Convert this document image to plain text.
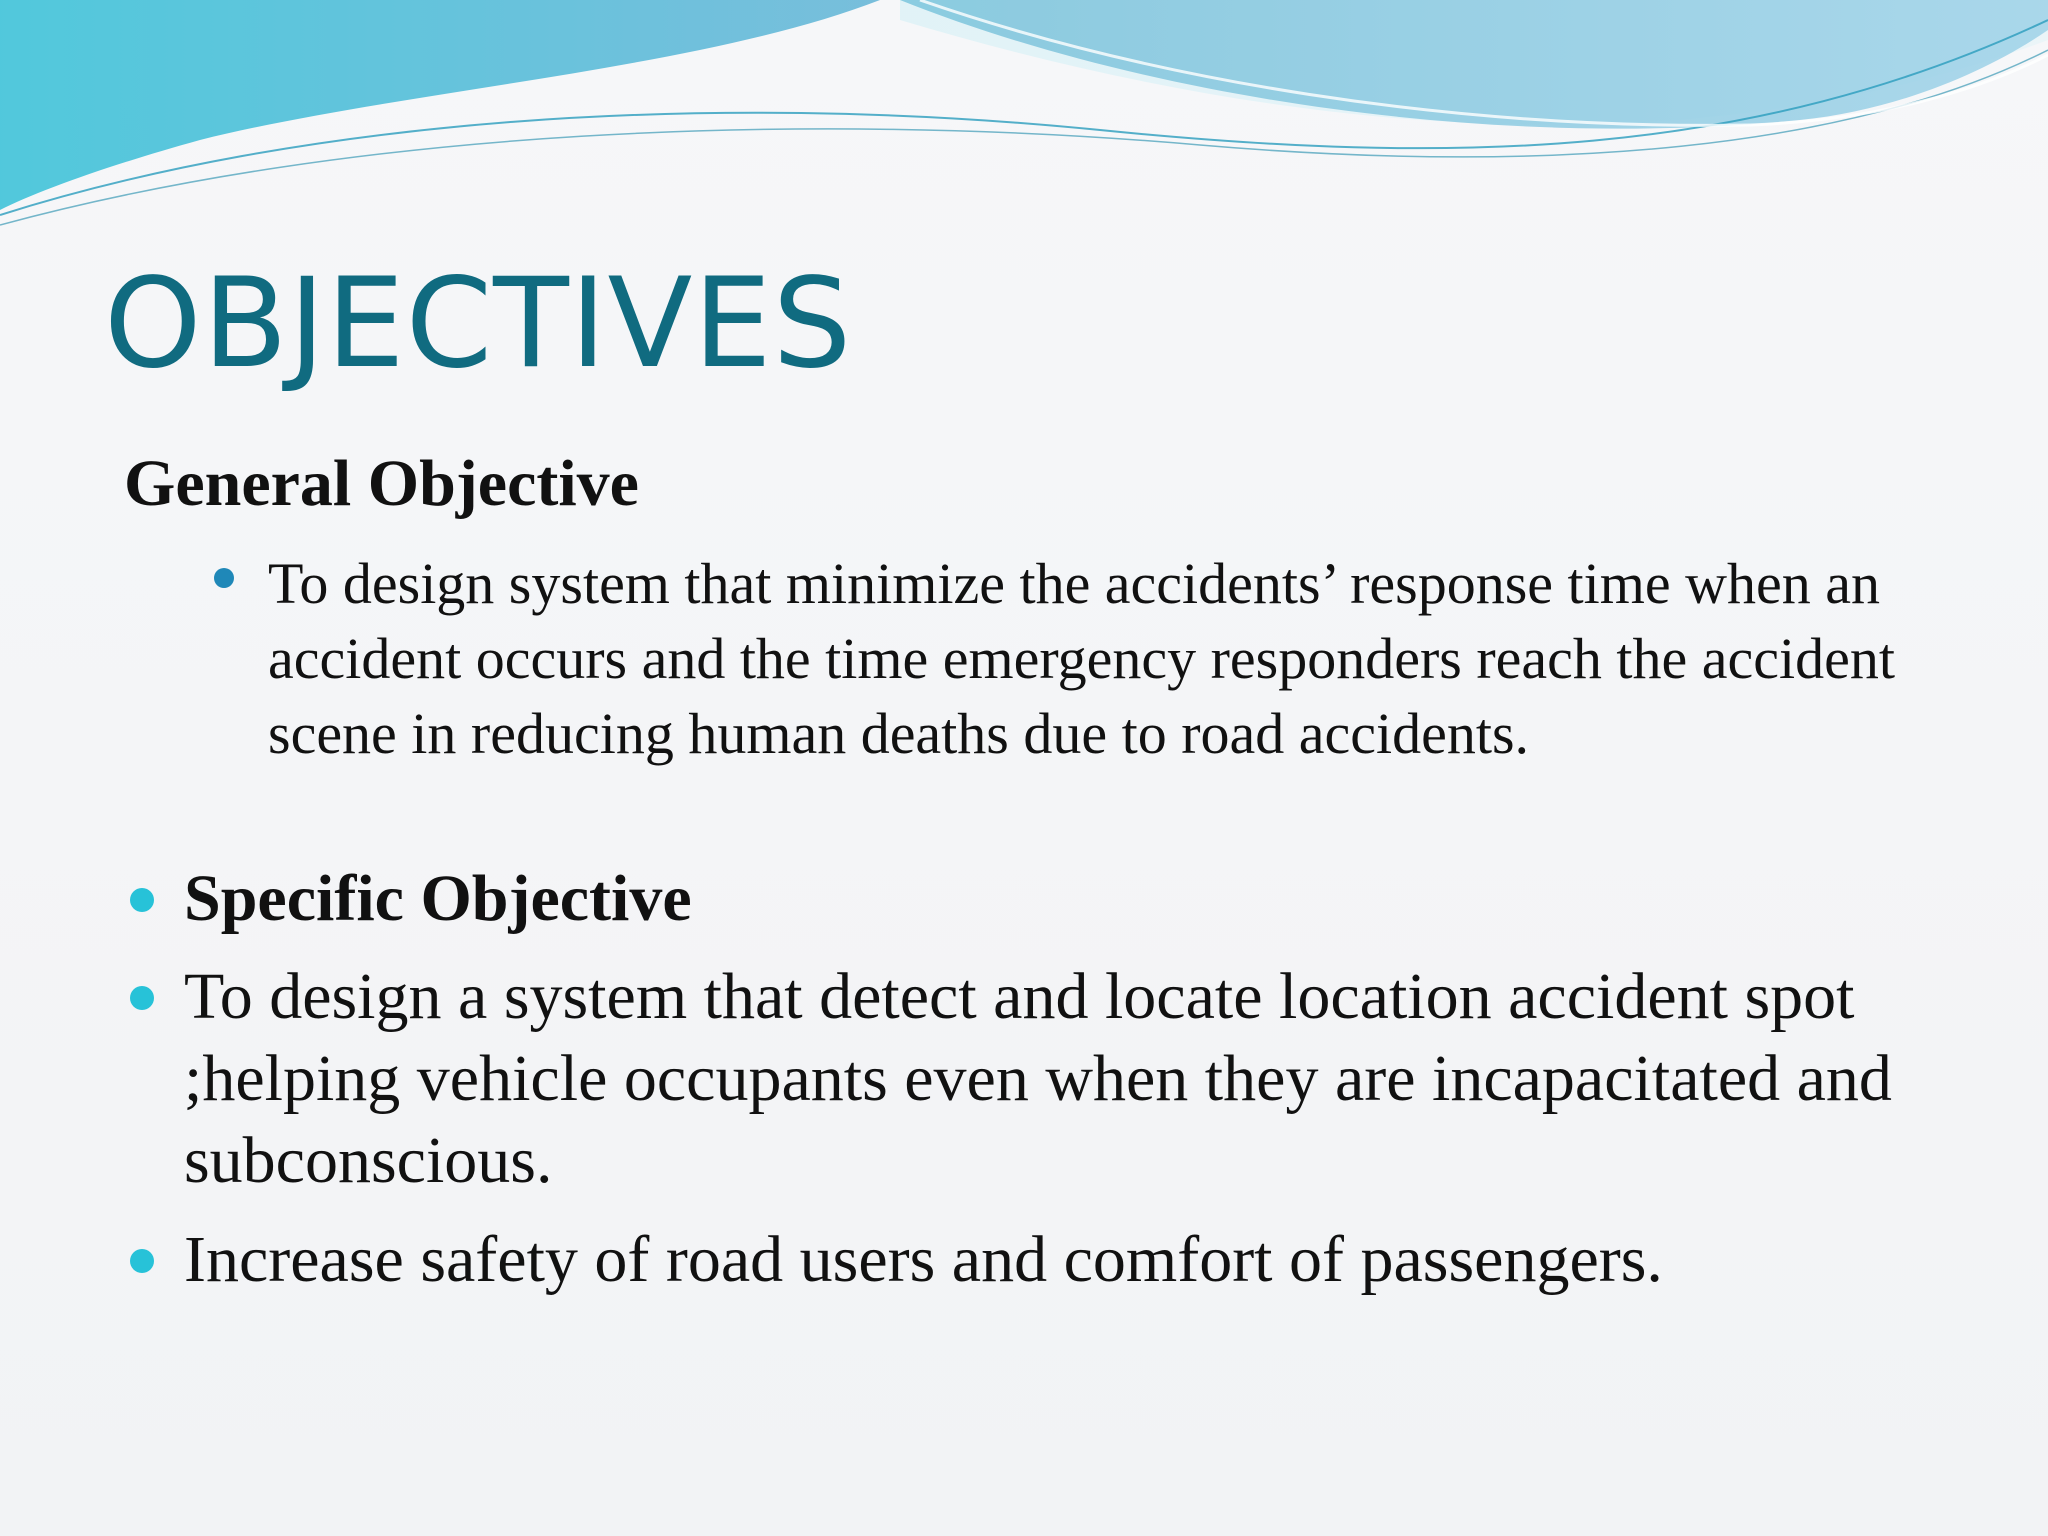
OBJECTIVES
General Objective
To design system that minimize the accidents’ response time when an accident occurs and the time emergency responders reach the accident scene in reducing human deaths due to road accidents.
Specific Objective
To design a system that detect and locate location accident spot ;helping vehicle occupants even when they are incapacitated and subconscious.
Increase safety of road users and comfort of passengers.
